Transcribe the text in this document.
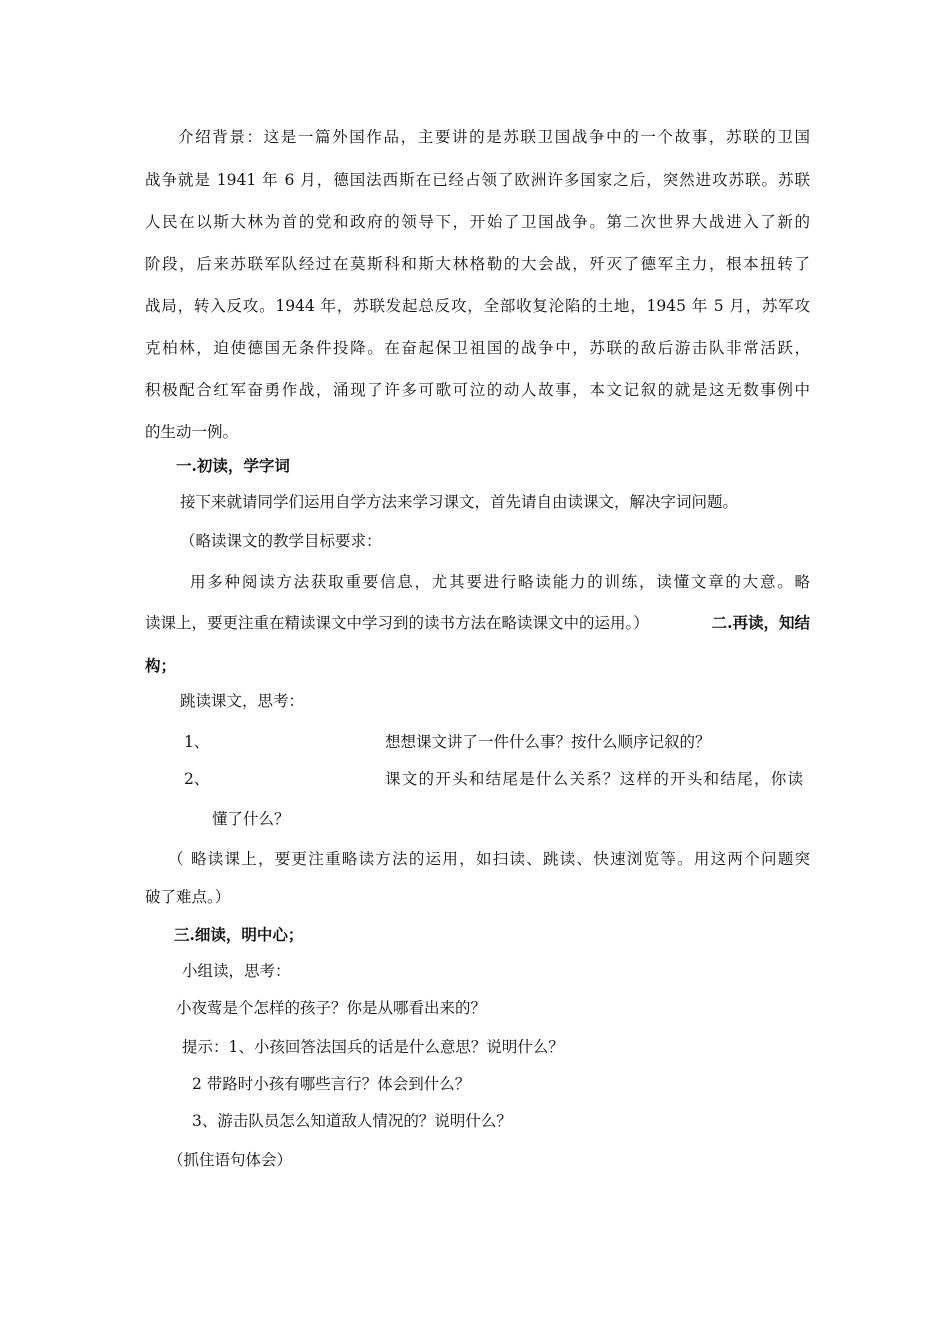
介绍背景：这是一篇外国作品，主要讲的是苏联卫国战争中的一个故事，苏联的卫国
战争就是 1941 年 6 月，德国法西斯在已经占领了欧洲许多国家之后，突然进攻苏联。苏联
人民在以斯大林为首的党和政府的领导下，开始了卫国战争。第二次世界大战进入了新的
阶段，后来苏联军队经过在莫斯科和斯大林格勒的大会战，歼灭了德军主力，根本扭转了
战局，转入反攻。1944 年，苏联发起总反攻，全部收复沦陷的土地，1945 年 5 月，苏军攻
克柏林，迫使德国无条件投降。在奋起保卫祖国的战争中，苏联的敌后游击队非常活跃，
积极配合红军奋勇作战，涌现了许多可歌可泣的动人故事，本文记叙的就是这无数事例中
的生动一例。
一.初读，学字词
接下来就请同学们运用自学方法来学习课文，首先请自由读课文，解决字词问题。
（略读课文的教学目标要求：
用多种阅读方法获取重要信息，尤其要进行略读能力的训练，读懂文章的大意。略
读课上，要更注重在精读课文中学习到的读书方法在略读课文中的运用。）	二.再读，知结
构；
跳读课文，思考：
1、	想想课文讲了一件什么事？按什么顺序记叙的？
2、	课文的开头和结尾是什么关系？这样的开头和结尾，你读
懂了什么？
（ 略读课上，要更注重略读方法的运用，如扫读、跳读、快速浏览等。用这两个问题突
破了难点。）
三.细读，明中心；
小组读，思考：
小夜莺是个怎样的孩子？你是从哪看出来的？
提示：1、小孩回答法国兵的话是什么意思？说明什么？
2 带路时小孩有哪些言行？体会到什么？
3、游击队员怎么知道敌人情况的？说明什么？
（抓住语句体会）
